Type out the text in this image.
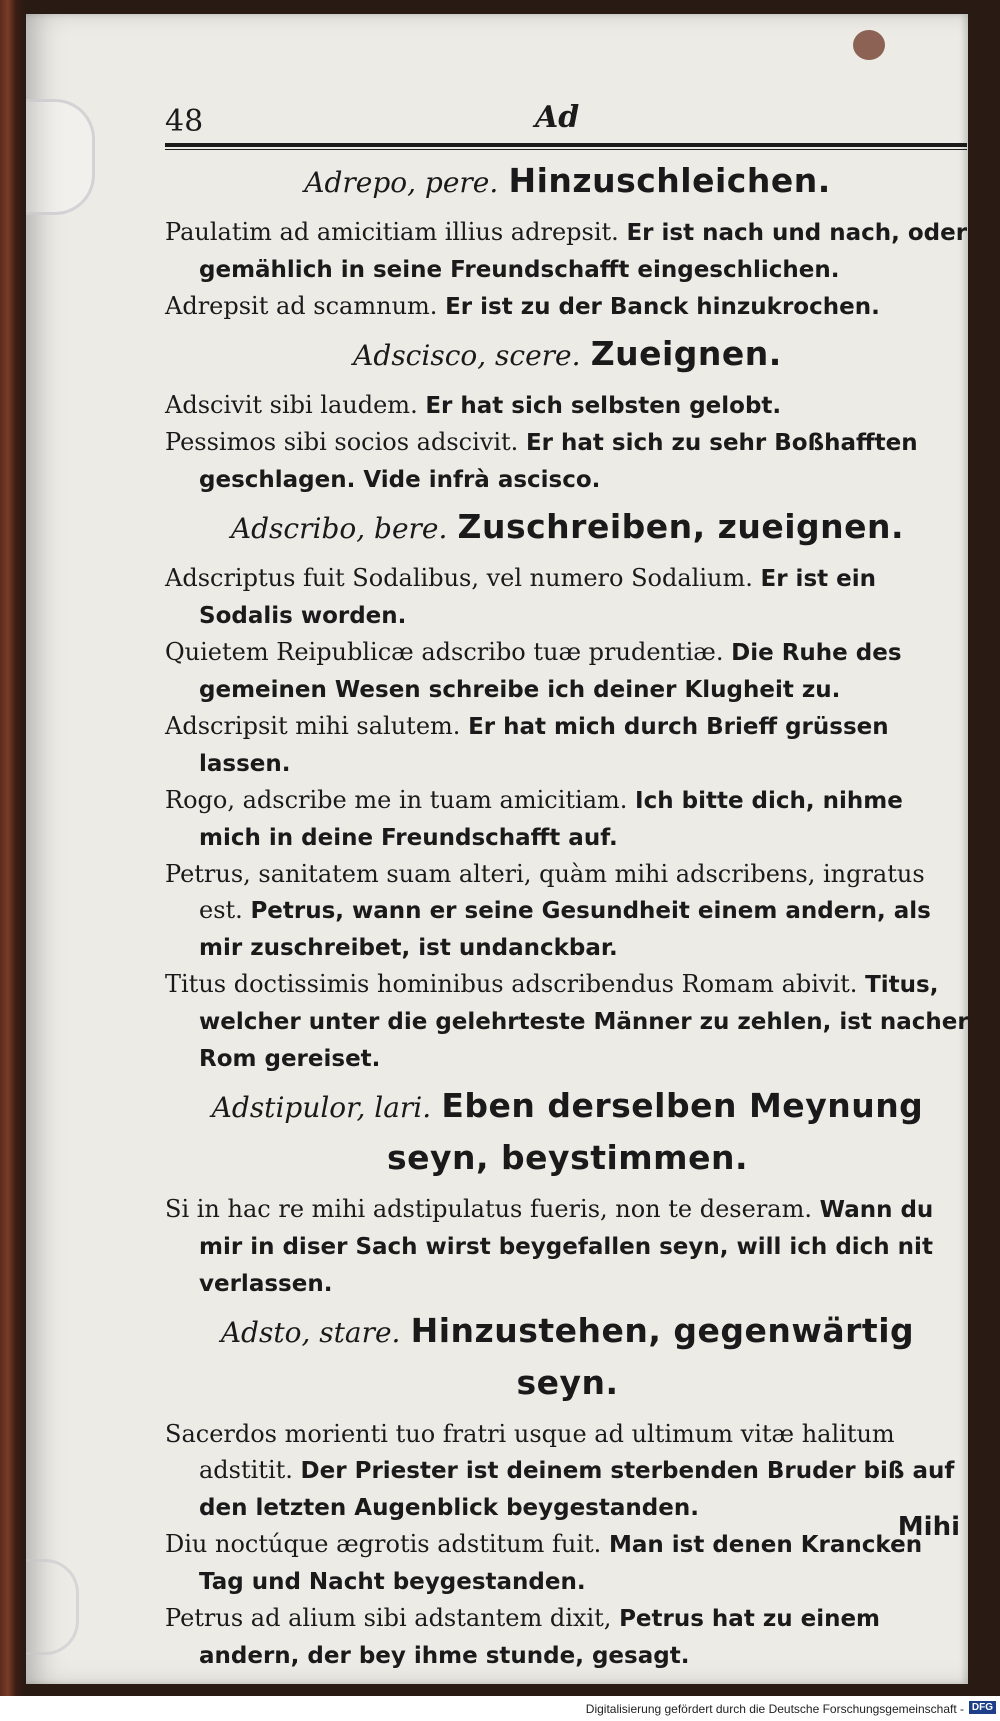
48	Ad
Adrepo, pere. Hinzuschleichen.
Paulatim ad amicitiam illius adrepsit. Er ist nach und nach, oder gemählich in seine Freundschafft eingeschlichen.
Adrepsit ad scamnum. Er ist zu der Banck hinzukrochen.
Adscisco, scere. Zueignen.
Adscivit sibi laudem. Er hat sich selbsten gelobt.
Pessimos sibi socios adscivit. Er hat sich zu sehr Boßhafften geschlagen. Vide infrà ascisco.
Adscribo, bere. Zuschreiben, zueignen.
Adscriptus fuit Sodalibus, vel numero Sodalium. Er ist ein Sodalis worden.
Quietem Reipublicæ adscribo tuæ prudentiæ. Die Ruhe des gemeinen Wesen schreibe ich deiner Klugheit zu.
Adscripsit mihi salutem. Er hat mich durch Brieff grüssen lassen.
Rogo, adscribe me in tuam amicitiam. Ich bitte dich, nihme mich in deine Freundschafft auf.
Petrus, sanitatem suam alteri, quàm mihi adscribens, ingratus est. Petrus, wann er seine Gesundheit einem andern, als mir zuschreibet, ist undanckbar.
Titus doctissimis hominibus adscribendus Romam abivit. Titus, welcher unter die gelehrteste Männer zu zehlen, ist nacher Rom gereiset.
Adstipulor, lari. Eben derselben Meynung seyn, beystimmen.
Si in hac re mihi adstipulatus fueris, non te deseram. Wann du mir in diser Sach wirst beygefallen seyn, will ich dich nit verlassen.
Adsto, stare. Hinzustehen, gegenwärtig seyn.
Sacerdos morienti tuo fratri usque ad ultimum vitæ halitum adstitit. Der Priester ist deinem sterbenden Bruder biß auf den letzten Augenblick beygestanden.
Diu noctúque ægrotis adstitum fuit. Man ist denen Krancken Tag und Nacht beygestanden.
Petrus ad alium sibi adstantem dixit, Petrus hat zu einem andern, der bey ihme stunde, gesagt.
Mihi
Digitalisierung gefördert durch die Deutsche Forschungsgemeinschaft - DFG
